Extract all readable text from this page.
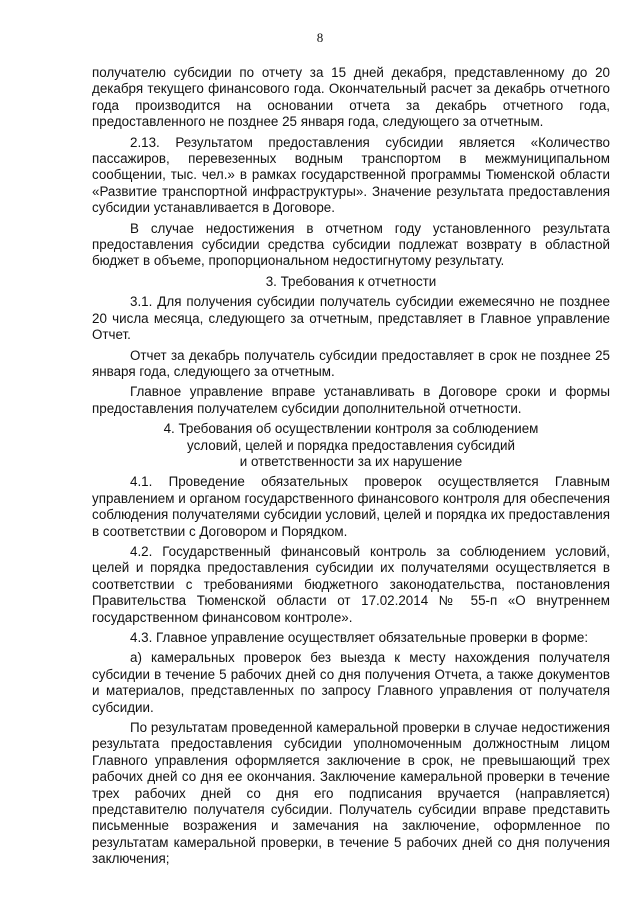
8

получателю субсидии по отчету за 15 дней декабря, представленному до 20 декабря текущего финансового года. Окончательный расчет за декабрь отчетного года производится на основании отчета за декабрь отчетного года, предоставленного не позднее 25 января года, следующего за отчетным.

2.13. Результатом предоставления субсидии является «Количество пассажиров, перевезенных водным транспортом в межмуниципальном сообщении, тыс. чел.» в рамках государственной программы Тюменской области «Развитие транспортной инфраструктуры». Значение результата предоставления субсидии устанавливается в Договоре.

В случае недостижения в отчетном году установленного результата предоставления субсидии средства субсидии подлежат возврату в областной бюджет в объеме, пропорциональном недостигнутому результату.

3. Требования к отчетности

3.1. Для получения субсидии получатель субсидии ежемесячно не позднее 20 числа месяца, следующего за отчетным, представляет в Главное управление Отчет.

Отчет за декабрь получатель субсидии предоставляет в срок не позднее 25 января года, следующего за отчетным.

Главное управление вправе устанавливать в Договоре сроки и формы предоставления получателем субсидии дополнительной отчетности.

4. Требования об осуществлении контроля за соблюдением
условий, целей и порядка предоставления субсидий
и ответственности за их нарушение

4.1. Проведение обязательных проверок осуществляется Главным управлением и органом государственного финансового контроля для обеспечения соблюдения получателями субсидии условий, целей и порядка их предоставления в соответствии с Договором и Порядком.

4.2. Государственный финансовый контроль за соблюдением условий, целей и порядка предоставления субсидии их получателями осуществляется в соответствии с требованиями бюджетного законодательства, постановления Правительства Тюменской области от 17.02.2014 № 55-п «О внутреннем государственном финансовом контроле».

4.3. Главное управление осуществляет обязательные проверки в форме:

а) камеральных проверок без выезда к месту нахождения получателя субсидии в течение 5 рабочих дней со дня получения Отчета, а также документов и материалов, представленных по запросу Главного управления от получателя субсидии.

По результатам проведенной камеральной проверки в случае недостижения результата предоставления субсидии уполномоченным должностным лицом Главного управления оформляется заключение в срок, не превышающий трех рабочих дней со дня ее окончания. Заключение камеральной проверки в течение трех рабочих дней со дня его подписания вручается (направляется) представителю получателя субсидии. Получатель субсидии вправе представить письменные возражения и замечания на заключение, оформленное по результатам камеральной проверки, в течение 5 рабочих дней со дня получения заключения;
